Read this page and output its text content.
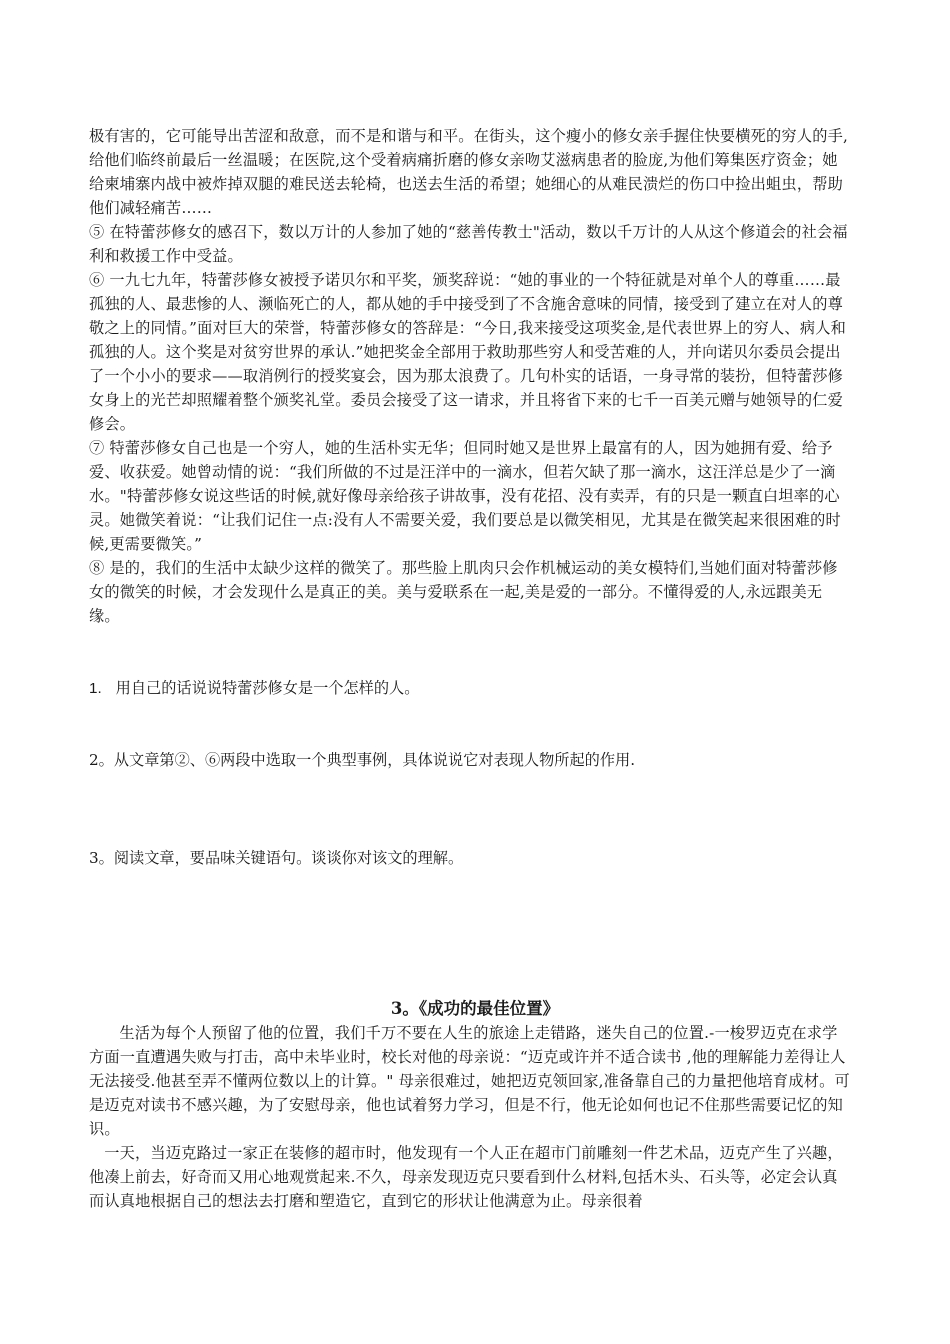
极有害的，它可能导出苦涩和敌意，而不是和谐与和平。在街头，这个瘦小的修女亲手握住快要横死的穷人的手,给他们临终前最后一丝温暖；在医院,这个受着病痛折磨的修女亲吻艾滋病患者的脸庞,为他们筹集医疗资金；她给柬埔寨内战中被炸掉双腿的难民送去轮椅，也送去生活的希望；她细心的从难民溃烂的伤口中捡出蛆虫，帮助他们减轻痛苦……

⑤ 在特蕾莎修女的感召下，数以万计的人参加了她的“慈善传教士"活动，数以千万计的人从这个修道会的社会福利和救援工作中受益。

⑥ 一九七九年，特蕾莎修女被授予诺贝尔和平奖，颁奖辞说：“她的事业的一个特征就是对单个人的尊重……最孤独的人、最悲惨的人、濒临死亡的人，都从她的手中接受到了不含施舍意味的同情，接受到了建立在对人的尊敬之上的同情。”面对巨大的荣誉，特蕾莎修女的答辞是：“今日,我来接受这项奖金,是代表世界上的穷人、病人和孤独的人。这个奖是对贫穷世界的承认.”她把奖金全部用于救助那些穷人和受苦难的人，并向诺贝尔委员会提出了一个小小的要求——取消例行的授奖宴会，因为那太浪费了。几句朴实的话语，一身寻常的装扮，但特蕾莎修女身上的光芒却照耀着整个颁奖礼堂。委员会接受了这一请求，并且将省下来的七千一百美元赠与她领导的仁爱修会。

⑦ 特蕾莎修女自己也是一个穷人，她的生活朴实无华；但同时她又是世界上最富有的人，因为她拥有爱、给予爱、收获爱。她曾动情的说：“我们所做的不过是汪洋中的一滴水，但若欠缺了那一滴水，这汪洋总是少了一滴水。"特蕾莎修女说这些话的时候,就好像母亲给孩子讲故事，没有花招、没有卖弄，有的只是一颗直白坦率的心灵。她微笑着说：“让我们记住一点:没有人不需要关爱，我们要总是以微笑相见，尤其是在微笑起来很困难的时候,更需要微笑。”

⑧ 是的，我们的生活中太缺少这样的微笑了。那些脸上肌肉只会作机械运动的美女模特们,当她们面对特蕾莎修女的微笑的时候，才会发现什么是真正的美。美与爱联系在一起,美是爱的一部分。不懂得爱的人,永远跟美无缘。

1. 用自己的话说说特蕾莎修女是一个怎样的人。
2。从文章第②、⑥两段中选取一个典型事例，具体说说它对表现人物所起的作用.
3。阅读文章，要品味关键语句。谈谈你对该文的理解。
3。《成功的最佳位置》

生活为每个人预留了他的位置，我们千万不要在人生的旅途上走错路，迷失自己的位置.-一梭罗迈克在求学方面一直遭遇失败与打击，高中未毕业时，校长对他的母亲说：“迈克或许并不适合读书 ,他的理解能力差得让人无法接受.他甚至弄不懂两位数以上的计算。" 母亲很难过，她把迈克领回家,准备靠自己的力量把他培育成材。可是迈克对读书不感兴趣，为了安慰母亲，他也试着努力学习，但是不行，他无论如何也记不住那些需要记忆的知识。

一天，当迈克路过一家正在装修的超市时，他发现有一个人正在超市门前雕刻一件艺术品，迈克产生了兴趣，他凑上前去，好奇而又用心地观赏起来.不久，母亲发现迈克只要看到什么材料,包括木头、石头等，必定会认真而认真地根据自己的想法去打磨和塑造它，直到它的形状让他满意为止。母亲很着
